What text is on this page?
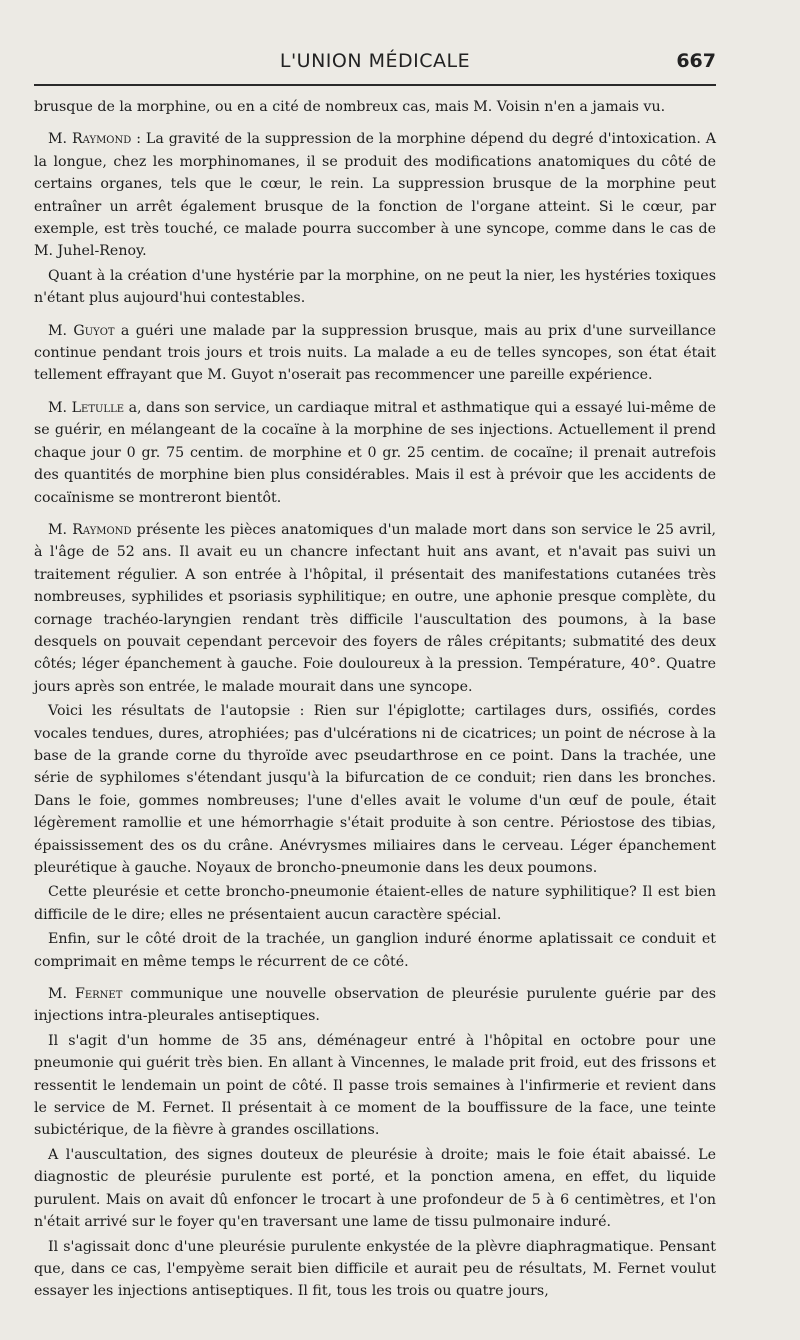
L'UNION MÉDICALE	667

brusque de la morphine, ou en a cité de nombreux cas, mais M. Voisin n'en a jamais vu.

M. Raymond : La gravité de la suppression de la morphine dépend du degré d'intoxication. A la longue, chez les morphinomanes, il se produit des modifications anatomiques du côté de certains organes, tels que le cœur, le rein. La suppression brusque de la morphine peut entraîner un arrêt également brusque de la fonction de l'organe atteint. Si le cœur, par exemple, est très touché, ce malade pourra succomber à une syncope, comme dans le cas de M. Juhel-Renoy.

Quant à la création d'une hystérie par la morphine, on ne peut la nier, les hystéries toxiques n'étant plus aujourd'hui contestables.

M. Guyot a guéri une malade par la suppression brusque, mais au prix d'une surveillance continue pendant trois jours et trois nuits. La malade a eu de telles syncopes, son état était tellement effrayant que M. Guyot n'oserait pas recommencer une pareille expérience.

M. Letulle a, dans son service, un cardiaque mitral et asthmatique qui a essayé lui-même de se guérir, en mélangeant de la cocaïne à la morphine de ses injections. Actuellement il prend chaque jour 0 gr. 75 centim. de morphine et 0 gr. 25 centim. de cocaïne; il prenait autrefois des quantités de morphine bien plus considérables. Mais il est à prévoir que les accidents de cocaïnisme se montreront bientôt.

M. Raymond présente les pièces anatomiques d'un malade mort dans son service le 25 avril, à l'âge de 52 ans. Il avait eu un chancre infectant huit ans avant, et n'avait pas suivi un traitement régulier. A son entrée à l'hôpital, il présentait des manifestations cutanées très nombreuses, syphilides et psoriasis syphilitique; en outre, une aphonie presque complète, du cornage trachéo-laryngien rendant très difficile l'auscultation des poumons, à la base desquels on pouvait cependant percevoir des foyers de râles crépitants; submatité des deux côtés; léger épanchement à gauche. Foie douloureux à la pression. Température, 40°. Quatre jours après son entrée, le malade mourait dans une syncope.

Voici les résultats de l'autopsie : Rien sur l'épiglotte; cartilages durs, ossifiés, cordes vocales tendues, dures, atrophiées; pas d'ulcérations ni de cicatrices; un point de nécrose à la base de la grande corne du thyroïde avec pseudarthrose en ce point. Dans la trachée, une série de syphilomes s'étendant jusqu'à la bifurcation de ce conduit; rien dans les bronches. Dans le foie, gommes nombreuses; l'une d'elles avait le volume d'un œuf de poule, était légèrement ramollie et une hémorrhagie s'était produite à son centre. Périostose des tibias, épaississement des os du crâne. Anévrysmes miliaires dans le cerveau. Léger épanchement pleurétique à gauche. Noyaux de broncho-pneumonie dans les deux poumons.

Cette pleurésie et cette broncho-pneumonie étaient-elles de nature syphilitique? Il est bien difficile de le dire; elles ne présentaient aucun caractère spécial.

Enfin, sur le côté droit de la trachée, un ganglion induré énorme aplatissait ce conduit et comprimait en même temps le récurrent de ce côté.

M. Fernet communique une nouvelle observation de pleurésie purulente guérie par des injections intra-pleurales antiseptiques.

Il s'agit d'un homme de 35 ans, déménageur entré à l'hôpital en octobre pour une pneumonie qui guérit très bien. En allant à Vincennes, le malade prit froid, eut des frissons et ressentit le lendemain un point de côté. Il passe trois semaines à l'infirmerie et revient dans le service de M. Fernet. Il présentait à ce moment de la bouffissure de la face, une teinte subictérique, de la fièvre à grandes oscillations.

A l'auscultation, des signes douteux de pleurésie à droite; mais le foie était abaissé. Le diagnostic de pleurésie purulente est porté, et la ponction amena, en effet, du liquide purulent. Mais on avait dû enfoncer le trocart à une profondeur de 5 à 6 centimètres, et l'on n'était arrivé sur le foyer qu'en traversant une lame de tissu pulmonaire induré.

Il s'agissait donc d'une pleurésie purulente enkystée de la plèvre diaphragmatique. Pensant que, dans ce cas, l'empyème serait bien difficile et aurait peu de résultats, M. Fernet voulut essayer les injections antiseptiques. Il fit, tous les trois ou quatre jours,
